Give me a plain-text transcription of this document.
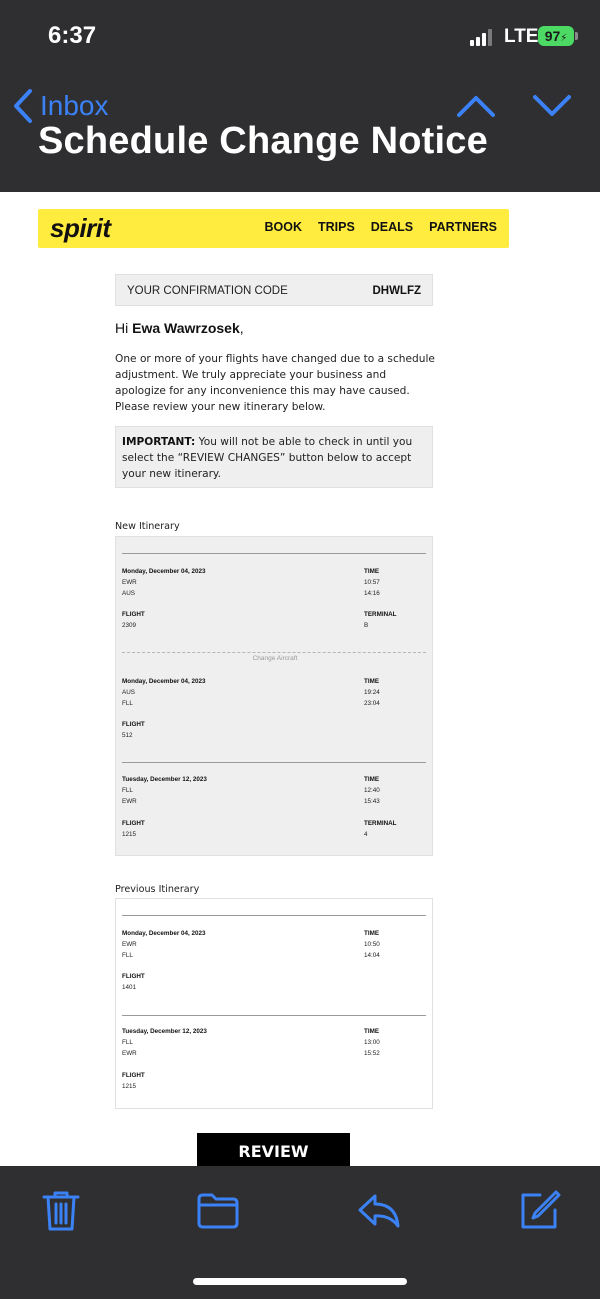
6:37	LTE 97⚡
Inbox
Schedule Change Notice
spirit	BOOK TRIPS DEALS PARTNERS
YOUR CONFIRMATION CODE	DHWLFZ
Hi Ewa Wawrzosek,
One or more of your flights have changed due to a schedule adjustment. We truly appreciate your business and apologize for any inconvenience this may have caused. Please review your new itinerary below.
IMPORTANT: You will not be able to check in until you select the “REVIEW CHANGES” button below to accept your new itinerary.
New Itinerary
Monday, December 04, 2023	TIME
EWR	10:57
AUS	14:16
FLIGHT	TERMINAL
2309	B
Change Aircraft
Monday, December 04, 2023	TIME
AUS	19:24
FLL	23:04
FLIGHT
512
Tuesday, December 12, 2023	TIME
FLL	12:40
EWR	15:43
FLIGHT	TERMINAL
1215	4
Previous Itinerary
Monday, December 04, 2023	TIME
EWR	10:50
FLL	14:04
FLIGHT
1401
Tuesday, December 12, 2023	TIME
FLL	13:00
EWR	15:52
FLIGHT
1215
REVIEW
